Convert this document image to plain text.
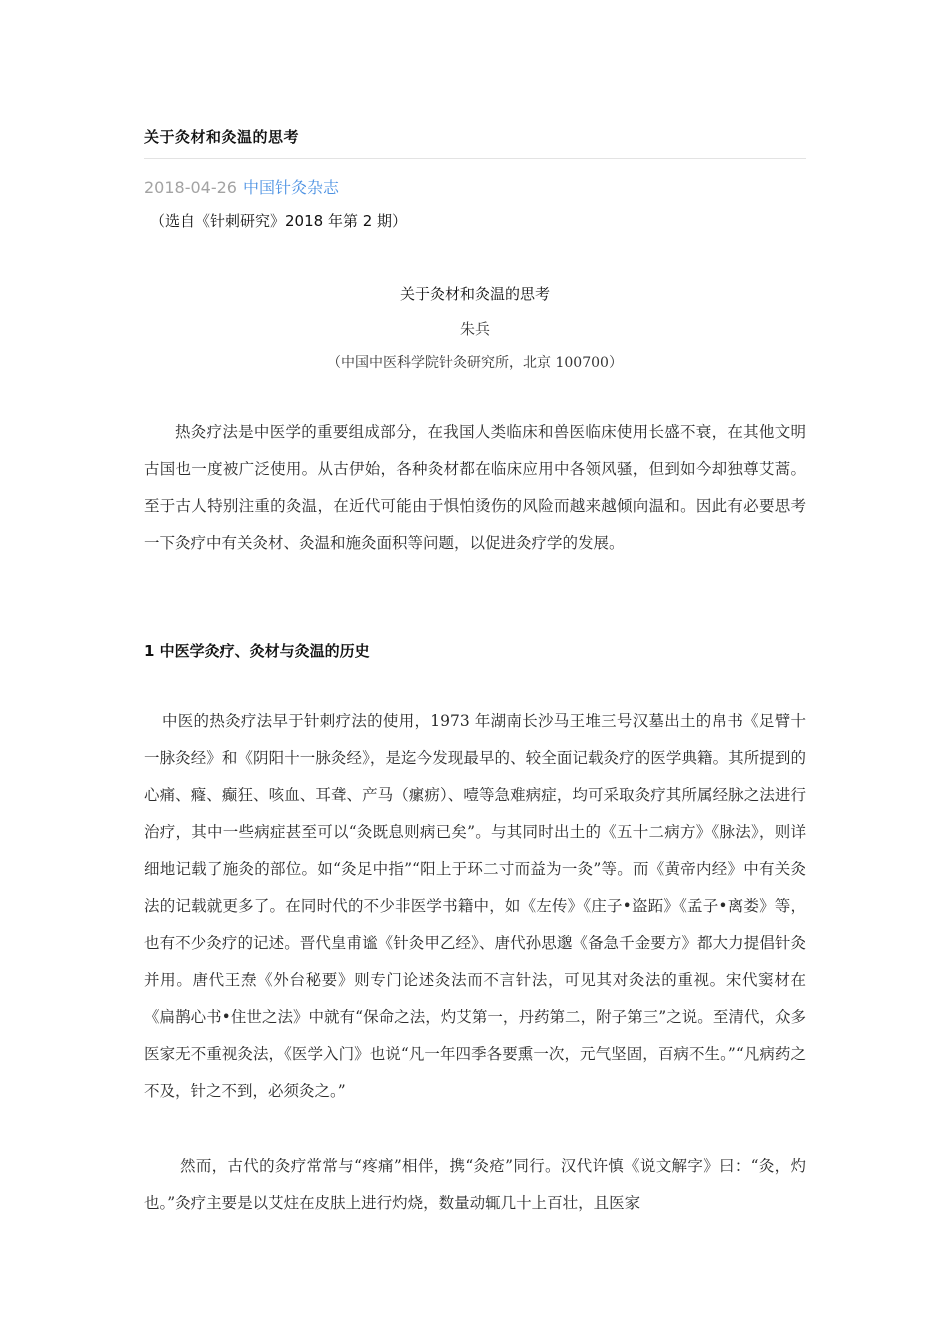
关于灸材和灸温的思考
2018-04-26 中国针灸杂志
（选自《针刺研究》2018 年第 2 期）
关于灸材和灸温的思考
朱兵
（中国中医科学院针灸研究所，北京 100700）

热灸疗法是中医学的重要组成部分，在我国人类临床和兽医临床使用长盛不衰，在其他文明古国也一度被广泛使用。从古伊始，各种灸材都在临床应用中各领风骚，但到如今却独尊艾蒿。至于古人特别注重的灸温，在近代可能由于惧怕烫伤的风险而越来越倾向温和。因此有必要思考一下灸疗中有关灸材、灸温和施灸面积等问题，以促进灸疗学的发展。

1 中医学灸疗、灸材与灸温的历史

中医的热灸疗法早于针刺疗法的使用，1973 年湖南长沙马王堆三号汉墓出土的帛书《足臂十一脉灸经》和《阴阳十一脉灸经》，是迄今发现最早的、较全面记载灸疗的医学典籍。其所提到的心痛、癃、癫狂、咳血、耳聋、产马（瘰疬）、噎等急难病症，均可采取灸疗其所属经脉之法进行治疗，其中一些病症甚至可以“灸既息则病已矣”。与其同时出土的《五十二病方》《脉法》，则详细地记载了施灸的部位。如“灸足中指”“阳上于环二寸而益为一灸”等。而《黄帝内经》中有关灸法的记载就更多了。在同时代的不少非医学书籍中，如《左传》《庄子•盗跖》《孟子•离娄》等，也有不少灸疗的记述。晋代皇甫谧《针灸甲乙经》、唐代孙思邈《备急千金要方》都大力提倡针灸并用。唐代王焘《外台秘要》则专门论述灸法而不言针法，可见其对灸法的重视。宋代窦材在《扁鹊心书•住世之法》中就有“保命之法，灼艾第一，丹药第二，附子第三”之说。至清代，众多医家无不重视灸法，《医学入门》也说“凡一年四季各要熏一次，元气坚固，百病不生。”“凡病药之不及，针之不到，必须灸之。”

然而，古代的灸疗常常与“疼痛”相伴，携“灸疮”同行。汉代许慎《说文解字》曰：“灸，灼也。”灸疗主要是以艾炷在皮肤上进行灼烧，数量动辄几十上百壮，且医家
